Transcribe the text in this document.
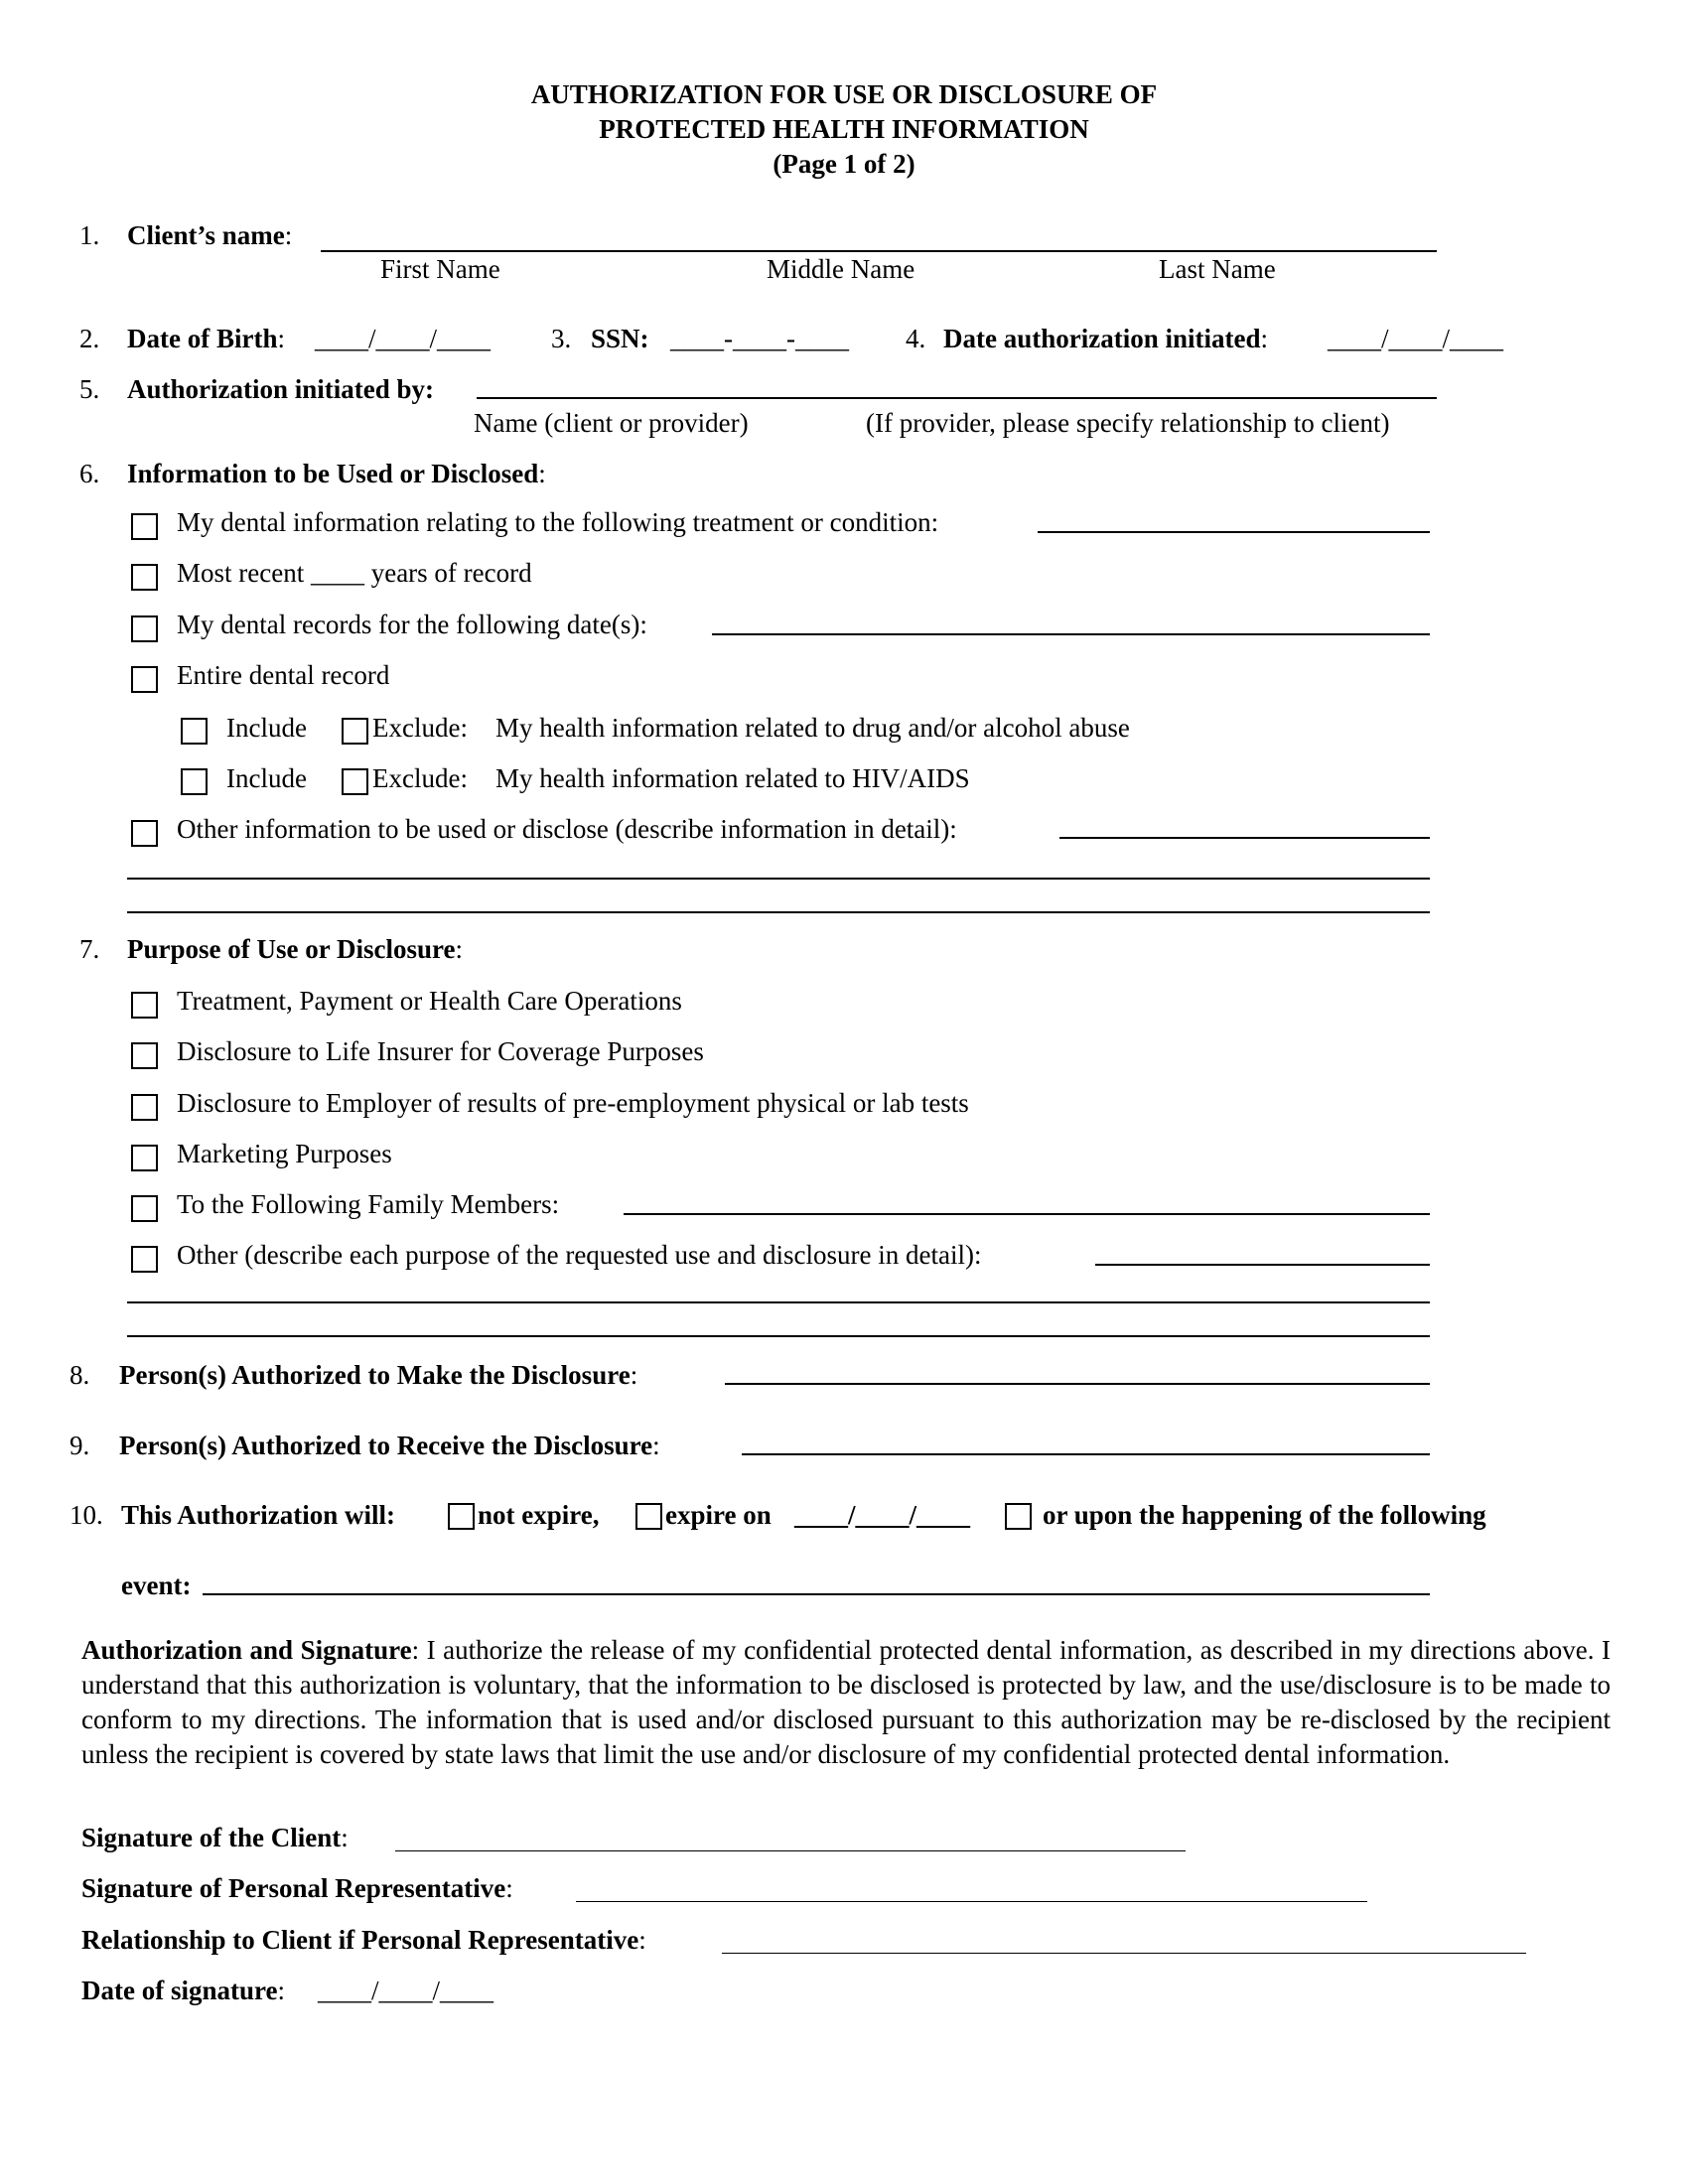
AUTHORIZATION FOR USE OR DISCLOSURE OF
PROTECTED HEALTH INFORMATION
(Page 1 of 2)
1.	Client’s name:
First Name	Middle Name	Last Name
2.	Date of Birth: ____/____/____ 3. SSN: ____-____-____ 4. Date authorization initiated: ____/____/____
5.	Authorization initiated by:
Name (client or provider)	(If provider, please specify relationship to client)
6.	Information to be Used or Disclosed:
My dental information relating to the following treatment or condition:
Most recent ____ years of record
My dental records for the following date(s):
Entire dental record
Include Exclude: My health information related to drug and/or alcohol abuse
Include Exclude: My health information related to HIV/AIDS
Other information to be used or disclose (describe information in detail):
7.	Purpose of Use or Disclosure:
Treatment, Payment or Health Care Operations
Disclosure to Life Insurer for Coverage Purposes
Disclosure to Employer of results of pre-employment physical or lab tests
Marketing Purposes
To the Following Family Members:
Other (describe each purpose of the requested use and disclosure in detail):
8.	Person(s) Authorized to Make the Disclosure:
9.	Person(s) Authorized to Receive the Disclosure:
10. This Authorization will:	not expire, expire on ____/____/____	or upon the happening of the following
event:
Authorization and Signature: I authorize the release of my confidential protected dental information, as described in my directions above. I understand that this authorization is voluntary, that the information to be disclosed is protected by law, and the use/disclosure is to be made to conform to my directions. The information that is used and/or disclosed pursuant to this authorization may be re-disclosed by the recipient unless the recipient is covered by state laws that limit the use and/or disclosure of my confidential protected dental information.
Signature of the Client:
Signature of Personal Representative:
Relationship to Client if Personal Representative:
Date of signature: ____/____/____
